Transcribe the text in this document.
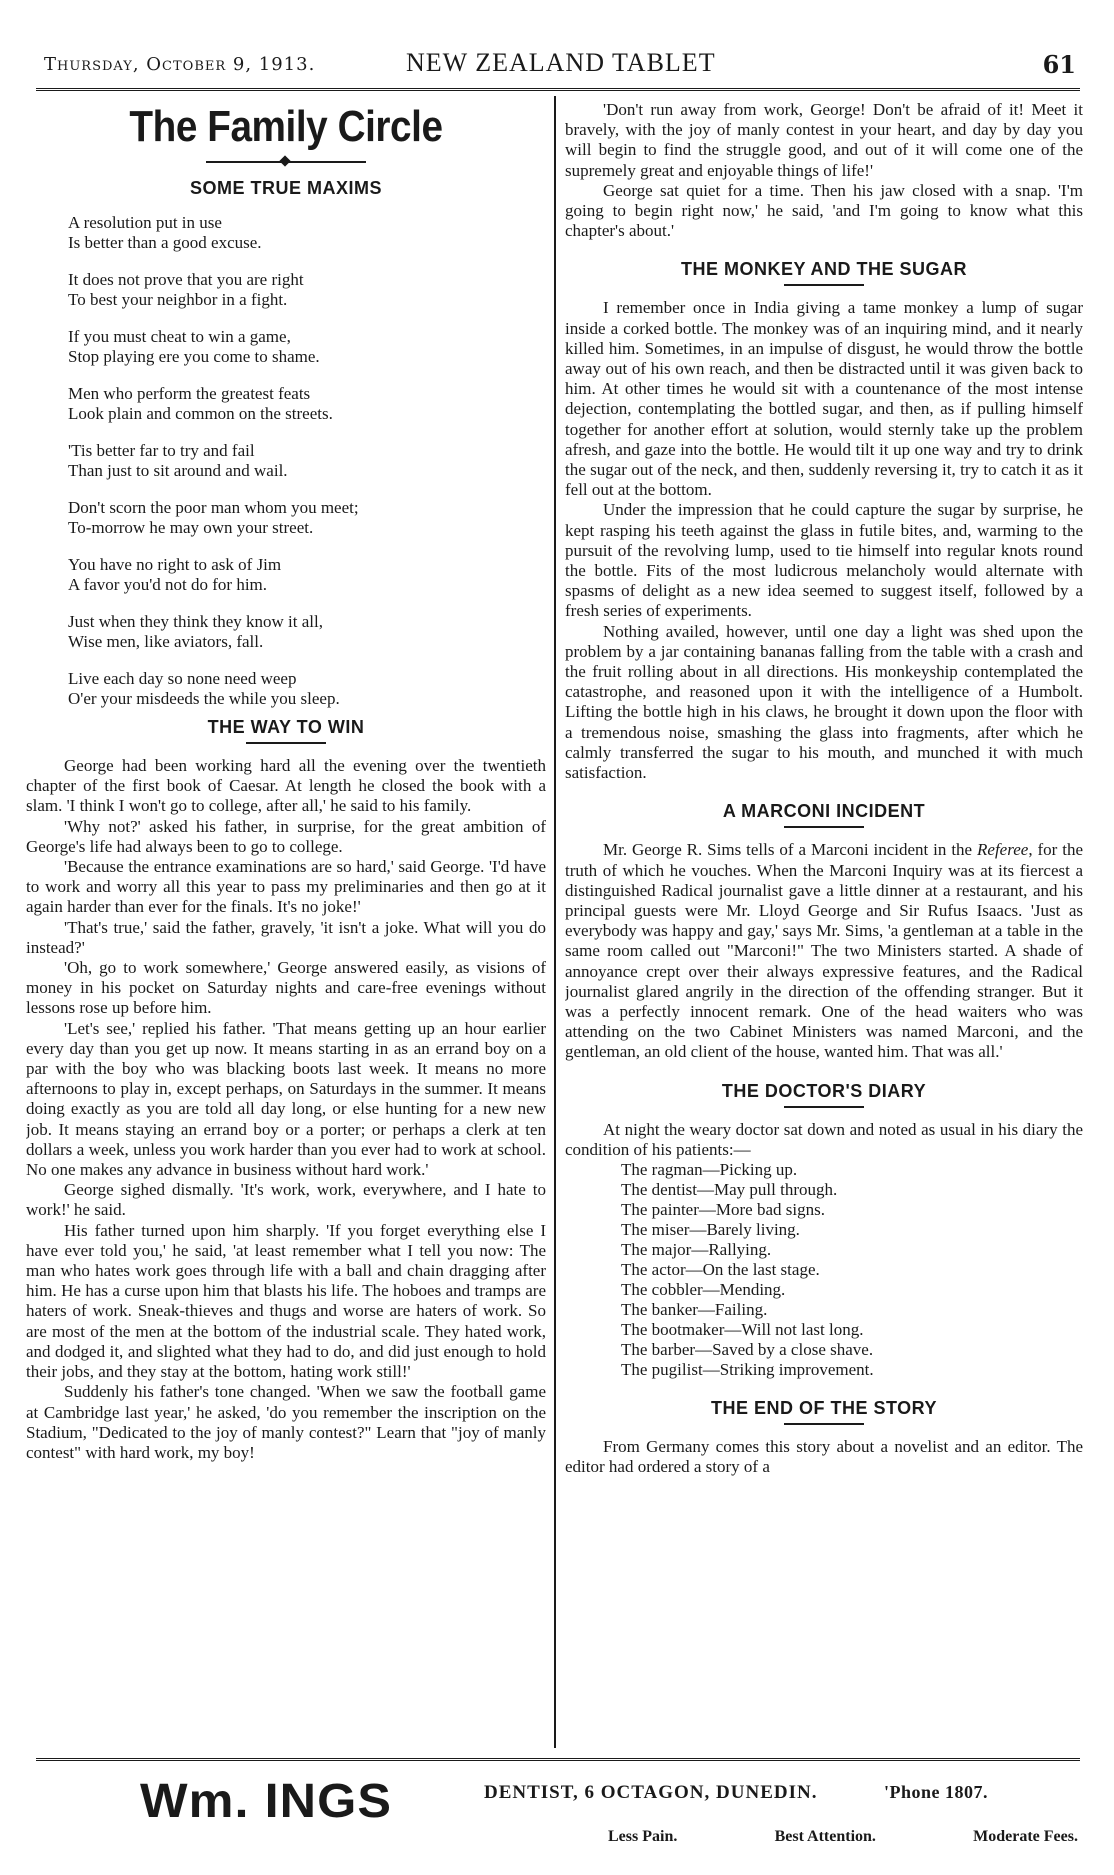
Thursday, October 9, 1913.	NEW ZEALAND TABLET	61
The Family Circle
SOME TRUE MAXIMS
A resolution put in use
Is better than a good excuse.
It does not prove that you are right
To best your neighbor in a fight.
If you must cheat to win a game,
Stop playing ere you come to shame.
Men who perform the greatest feats
Look plain and common on the streets.
'Tis better far to try and fail
Than just to sit around and wail.
Don't scorn the poor man whom you meet;
To-morrow he may own your street.
You have no right to ask of Jim
A favor you'd not do for him.
Just when they think they know it all,
Wise men, like aviators, fall.
Live each day so none need weep
O'er your misdeeds the while you sleep.
THE WAY TO WIN

George had been working hard all the evening over the twentieth chapter of the first book of Caesar. At length he closed the book with a slam. 'I think I won't go to college, after all,' he said to his family.

'Why not?' asked his father, in surprise, for the great ambition of George's life had always been to go to college.

'Because the entrance examinations are so hard,' said George. 'I'd have to work and worry all this year to pass my preliminaries and then go at it again harder than ever for the finals. It's no joke!'

'That's true,' said the father, gravely, 'it isn't a joke. What will you do instead?'

'Oh, go to work somewhere,' George answered easily, as visions of money in his pocket on Saturday nights and care-free evenings without lessons rose up before him.

'Let's see,' replied his father. 'That means getting up an hour earlier every day than you get up now. It means starting in as an errand boy on a par with the boy who was blacking boots last week. It means no more afternoons to play in, except perhaps, on Saturdays in the summer. It means doing exactly as you are told all day long, or else hunting for a new new job. It means staying an errand boy or a porter; or perhaps a clerk at ten dollars a week, unless you work harder than you ever had to work at school. No one makes any advance in business without hard work.'

George sighed dismally. 'It's work, work, everywhere, and I hate to work!' he said.

His father turned upon him sharply. 'If you forget everything else I have ever told you,' he said, 'at least remember what I tell you now: The man who hates work goes through life with a ball and chain dragging after him. He has a curse upon him that blasts his life. The hoboes and tramps are haters of work. Sneak-thieves and thugs and worse are haters of work. So are most of the men at the bottom of the industrial scale. They hated work, and dodged it, and slighted what they had to do, and did just enough to hold their jobs, and they stay at the bottom, hating work still!'

Suddenly his father's tone changed. 'When we saw the football game at Cambridge last year,' he asked, 'do you remember the inscription on the Stadium, "Dedicated to the joy of manly contest?" Learn that "joy of manly contest" with hard work, my boy!

'Don't run away from work, George! Don't be afraid of it! Meet it bravely, with the joy of manly contest in your heart, and day by day you will begin to find the struggle good, and out of it will come one of the supremely great and enjoyable things of life!'

George sat quiet for a time. Then his jaw closed with a snap. 'I'm going to begin right now,' he said, 'and I'm going to know what this chapter's about.'

THE MONKEY AND THE SUGAR

I remember once in India giving a tame monkey a lump of sugar inside a corked bottle. The monkey was of an inquiring mind, and it nearly killed him. Sometimes, in an impulse of disgust, he would throw the bottle away out of his own reach, and then be distracted until it was given back to him. At other times he would sit with a countenance of the most intense dejection, contemplating the bottled sugar, and then, as if pulling himself together for another effort at solution, would sternly take up the problem afresh, and gaze into the bottle. He would tilt it up one way and try to drink the sugar out of the neck, and then, suddenly reversing it, try to catch it as it fell out at the bottom.

Under the impression that he could capture the sugar by surprise, he kept rasping his teeth against the glass in futile bites, and, warming to the pursuit of the revolving lump, used to tie himself into regular knots round the bottle. Fits of the most ludicrous melancholy would alternate with spasms of delight as a new idea seemed to suggest itself, followed by a fresh series of experiments.

Nothing availed, however, until one day a light was shed upon the problem by a jar containing bananas falling from the table with a crash and the fruit rolling about in all directions. His monkeyship contemplated the catastrophe, and reasoned upon it with the intelligence of a Humbolt. Lifting the bottle high in his claws, he brought it down upon the floor with a tremendous noise, smashing the glass into fragments, after which he calmly transferred the sugar to his mouth, and munched it with much satisfaction.

A MARCONI INCIDENT

Mr. George R. Sims tells of a Marconi incident in the Referee, for the truth of which he vouches. When the Marconi Inquiry was at its fiercest a distinguished Radical journalist gave a little dinner at a restaurant, and his principal guests were Mr. Lloyd George and Sir Rufus Isaacs. 'Just as everybody was happy and gay,' says Mr. Sims, 'a gentleman at a table in the same room called out "Marconi!" The two Ministers started. A shade of annoyance crept over their always expressive features, and the Radical journalist glared angrily in the direction of the offending stranger. But it was a perfectly innocent remark. One of the head waiters who was attending on the two Cabinet Ministers was named Marconi, and the gentleman, an old client of the house, wanted him. That was all.'

THE DOCTOR'S DIARY

At night the weary doctor sat down and noted as usual in his diary the condition of his patients:—

The ragman—Picking up.
The dentist—May pull through.
The painter—More bad signs.
The miser—Barely living.
The major—Rallying.
The actor—On the last stage.
The cobbler—Mending.
The banker—Failing.
The bootmaker—Will not last long.
The barber—Saved by a close shave.
The pugilist—Striking improvement.
THE END OF THE STORY

From Germany comes this story about a novelist and an editor. The editor had ordered a story of a

Wm. INGS	DENTIST, 6 OCTAGON, DUNEDIN.	'Phone 1807.
Less Pain.	Best Attention.	Moderate Fees.
